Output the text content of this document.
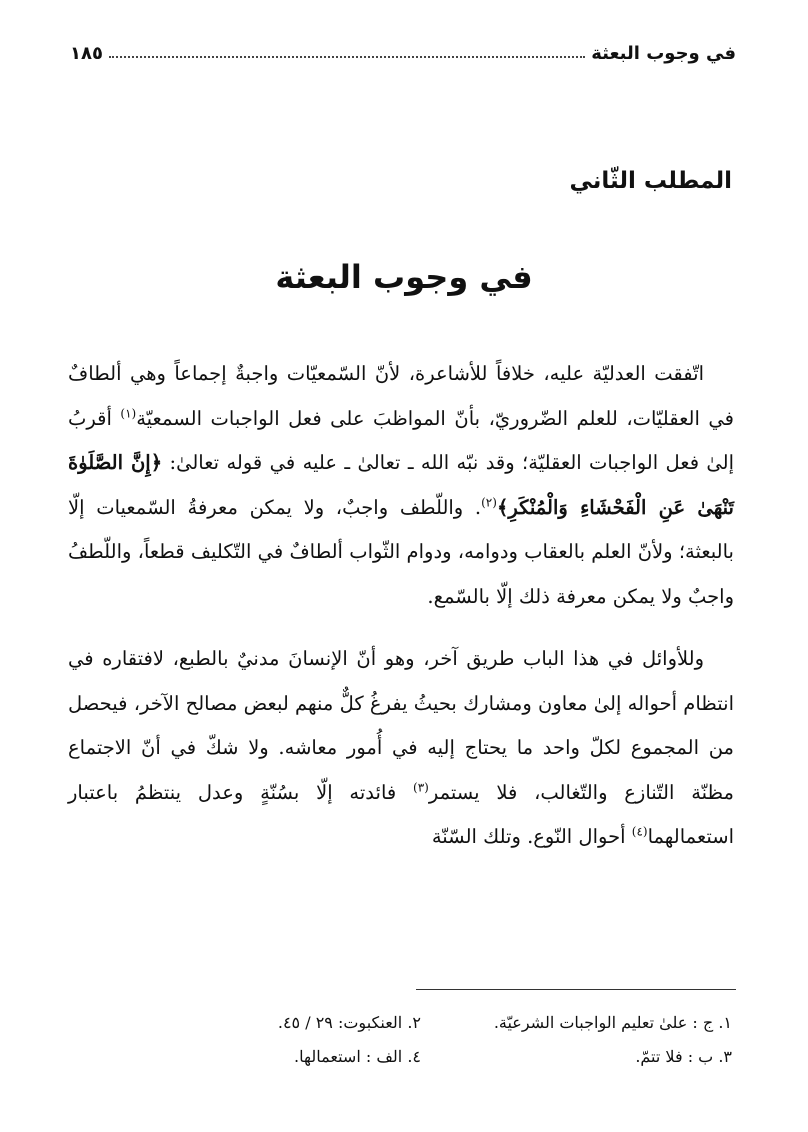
في وجوب البعثة
١٨٥
المطلب الثّاني
في وجوب البعثة

اتّفقت العدليّة عليه، خلافاً للأشاعرة، لأنّ السّمعيّات واجبةٌ إجماعاً وهي ألطافٌ في العقليّات، للعلم الضّروريّ، بأنّ المواظبَ على فعل الواجبات السمعيّة$^{(١)}$ أقربُ إلىٰ فعل الواجبات العقليّة؛ وقد نبّه الله ـ تعالىٰ ـ عليه في قوله تعالىٰ: ﴿إِنَّ الصَّلَوٰةَ تَنْهَىٰ عَنِ الْفَحْشَاءِ وَالْمُنْكَرِ﴾$^{(٢)}$. واللّطف واجبٌ، ولا يمكن معرفةُ السّمعيات إلّا بالبعثة؛ ولأنّ العلم بالعقاب ودوامه، ودوام الثّواب ألطافٌ في التّكليف قطعاً، واللّطفُ واجبٌ ولا يمكن معرفة ذلك إلّا بالسّمع.

وللأوائل في هذا الباب طريق آخر، وهو أنّ الإنسانَ مدنيٌ بالطبع، لافتقاره في انتظام أحواله إلىٰ معاون ومشارك بحيثُ يفرغُ كلٌّ منهم لبعض مصالح الآخر، فيحصل من المجموع لكلّ واحد ما يحتاج إليه في أُمور معاشه. ولا شكّ في أنّ الاجتماع مظنّة التّنازع والتّغالب، فلا يستمر$^{(٣)}$ فائدته إلّا بسُنّةٍ وعدل ينتظمُ باعتبار استعمالهما$^{(٤)}$ أحوال النّوع. وتلك السّنّة

١. ج : علىٰ تعليم الواجبات الشرعيّة.
٢. العنكبوت: ٢٩ / ٤٥.
٣. ب : فلا تتمّ.
٤. الف : استعمالها.
